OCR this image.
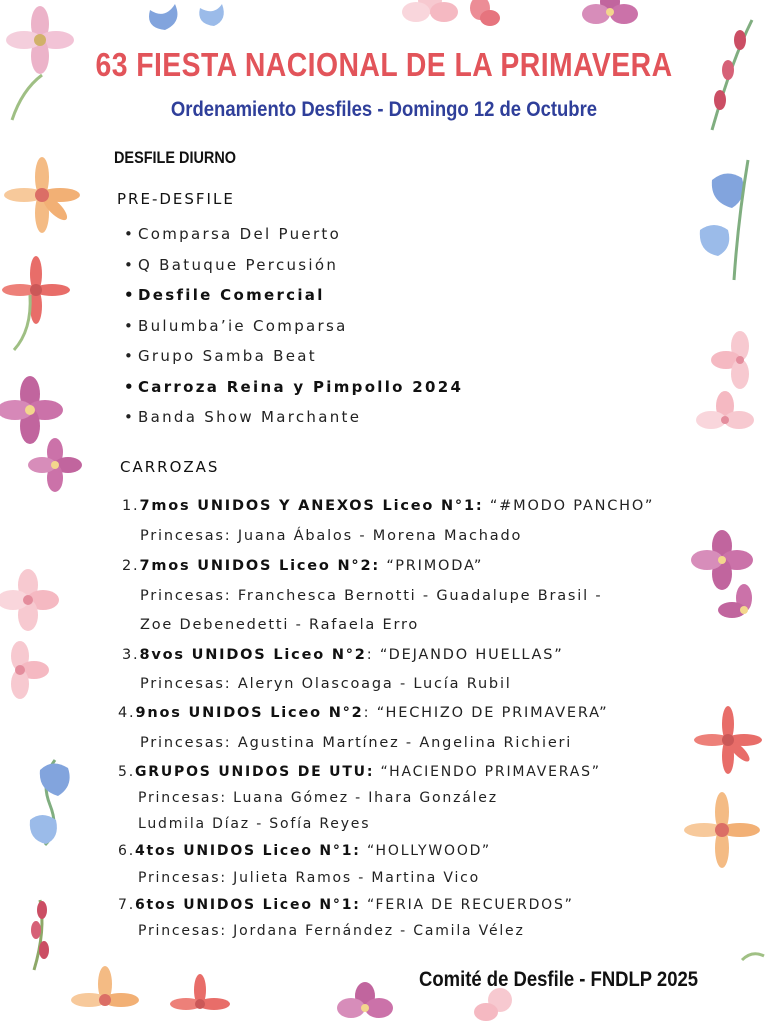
63 FIESTA NACIONAL DE LA PRIMAVERA
Ordenamiento Desfiles - Domingo 12 de Octubre
DESFILE DIURNO
PRE-DESFILE
• Comparsa Del Puerto
• Q Batuque Percusión
• Desfile Comercial
• Bulumba’ie Comparsa
• Grupo Samba Beat
• Carroza Reina y Pimpollo 2024
• Banda Show Marchante
CARROZAS
1.7mos UNIDOS Y ANEXOS Liceo N°1: “#MODO PANCHO”
Princesas: Juana Ábalos - Morena Machado
2.7mos UNIDOS Liceo N°2: “PRIMODA”
Princesas: Franchesca Bernotti - Guadalupe Brasil -
Zoe Debenedetti - Rafaela Erro
3.8vos UNIDOS Liceo N°2: “DEJANDO HUELLAS”
Princesas: Aleryn Olascoaga - Lucía Rubil
4.9nos UNIDOS Liceo N°2: “HECHIZO DE PRIMAVERA”
Princesas: Agustina Martínez - Angelina Richieri
5.GRUPOS UNIDOS DE UTU: “HACIENDO PRIMAVERAS”
Princesas: Luana Gómez - Ihara González
Ludmila Díaz - Sofía Reyes
6.4tos UNIDOS Liceo N°1: “HOLLYWOOD”
Princesas: Julieta Ramos - Martina Vico
7.6tos UNIDOS Liceo N°1: “FERIA DE RECUERDOS”
Princesas: Jordana Fernández - Camila Vélez
Comité de Desfile - FNDLP 2025
